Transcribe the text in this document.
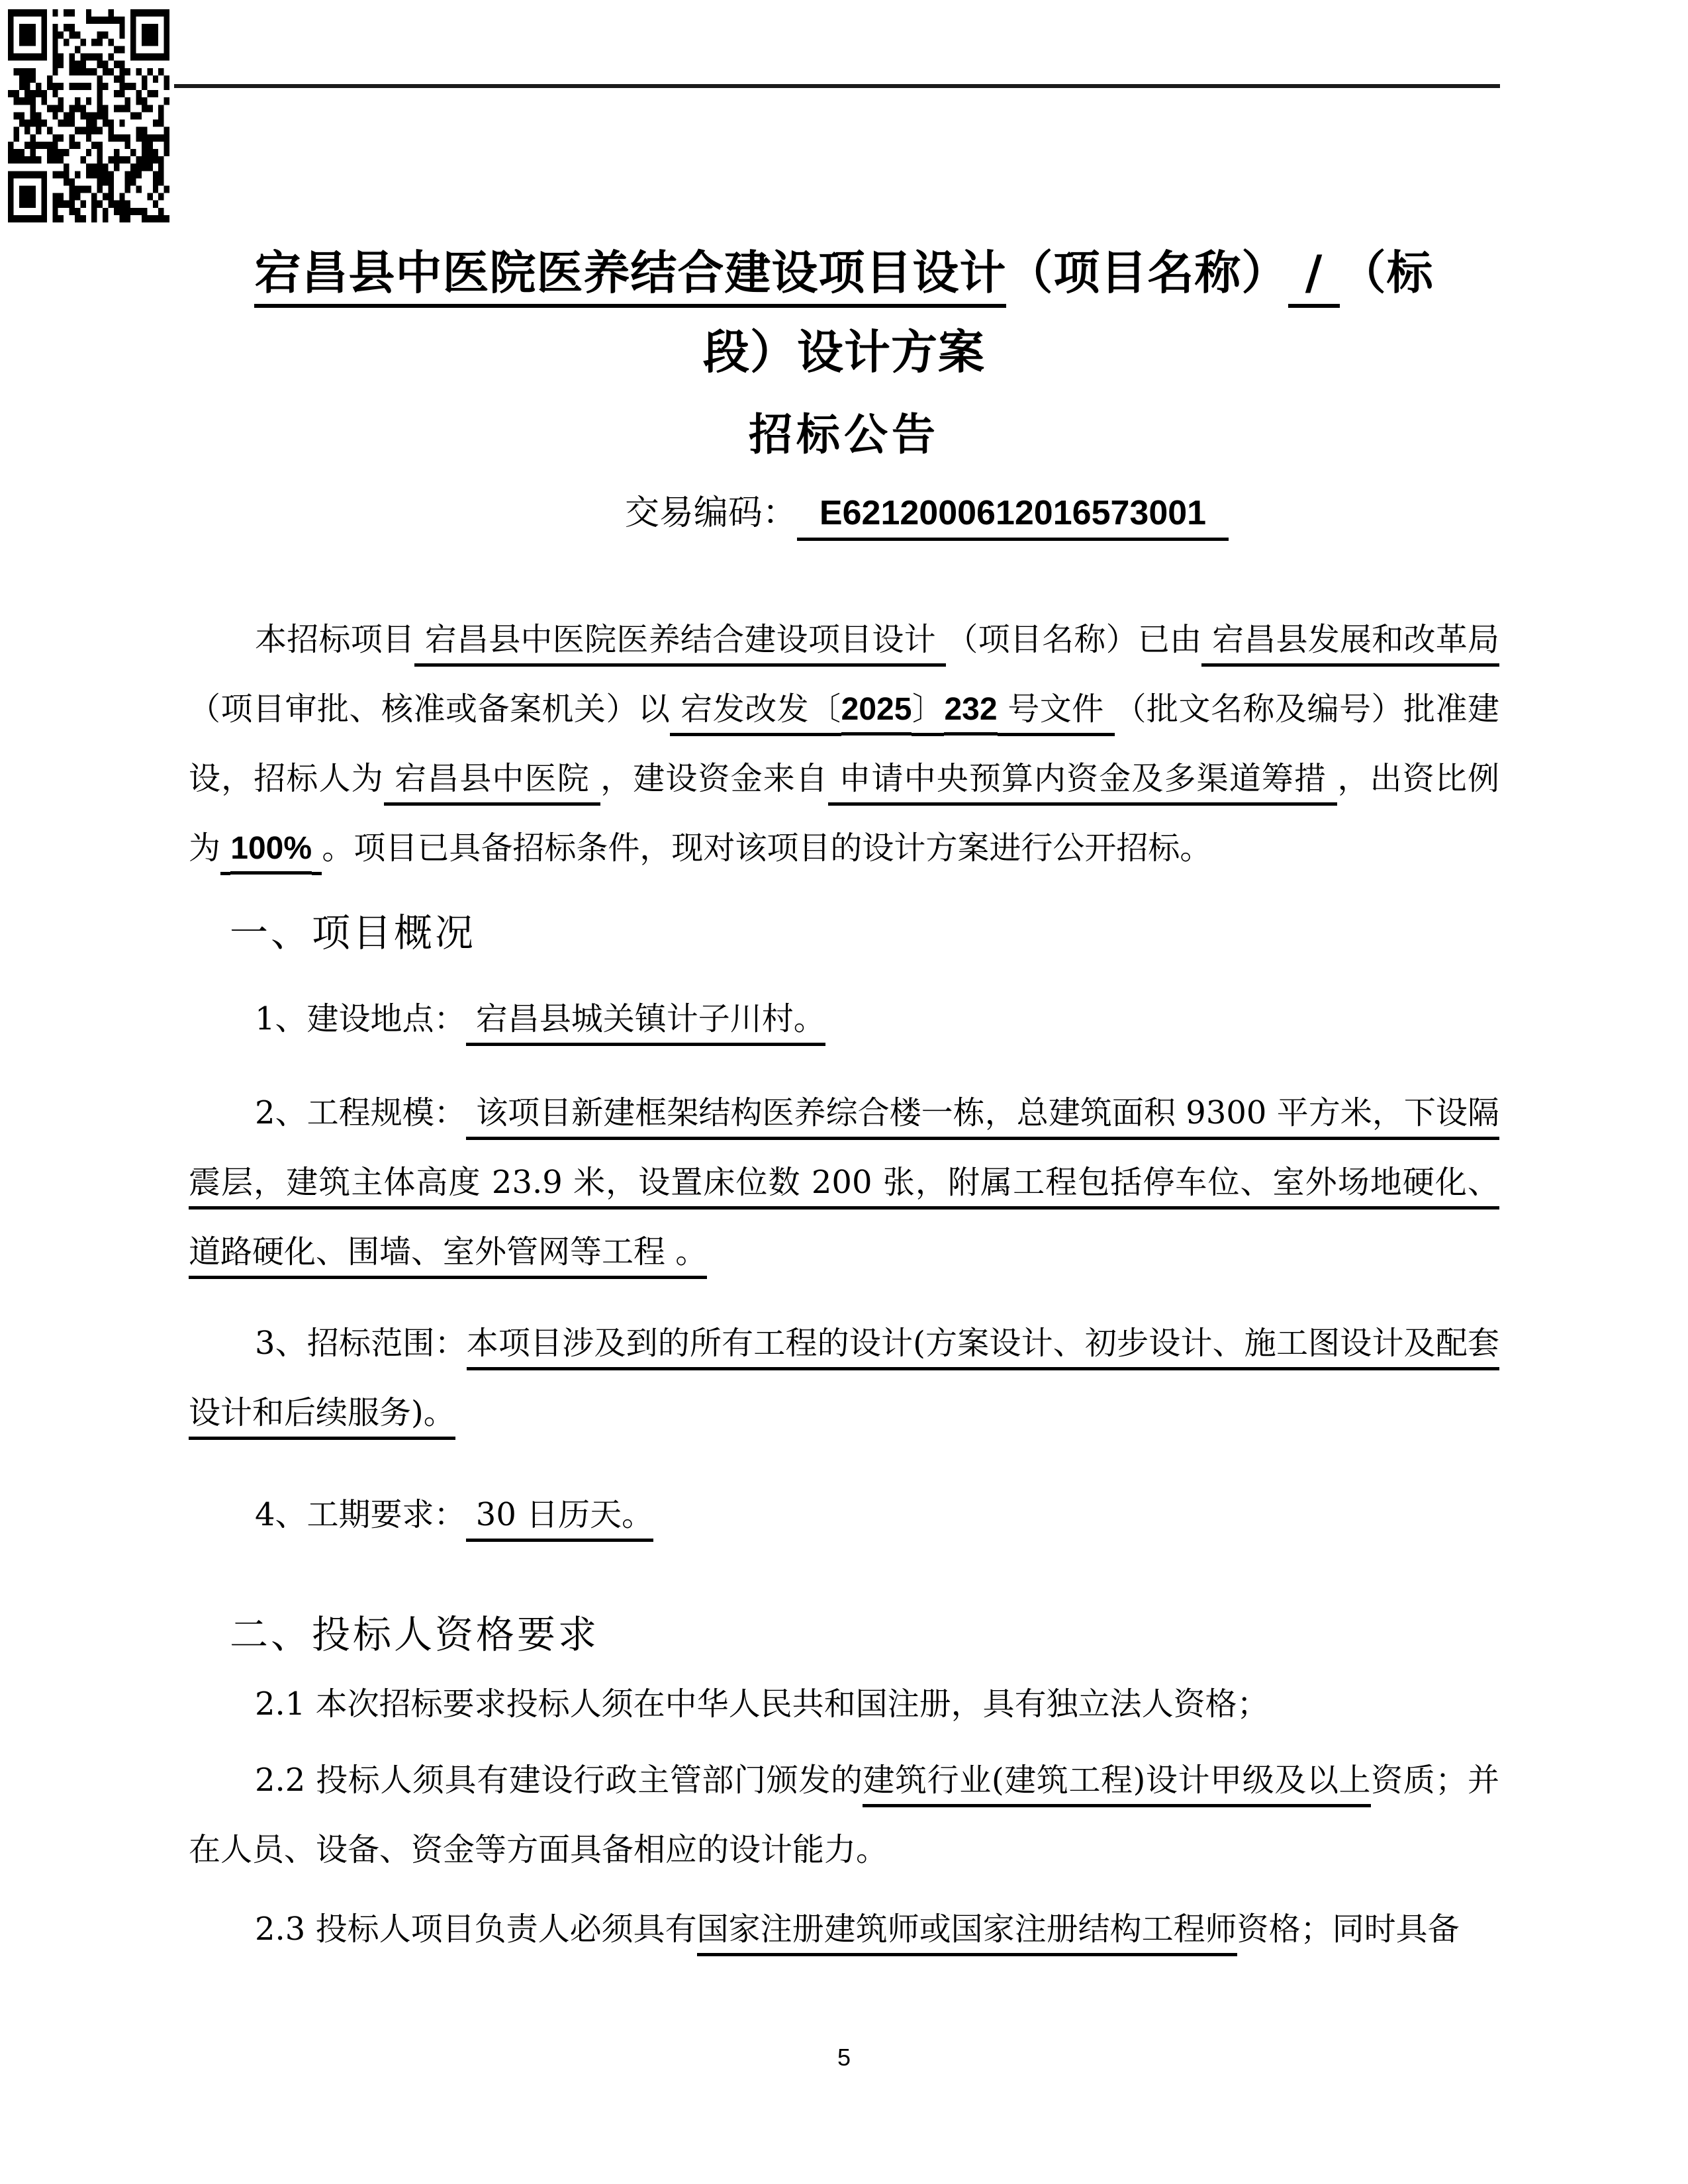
宕昌县中医院医养结合建设项目设计（项目名称） / （标
段）设计方案
招标公告
交易编码： E6212000612016573001

本招标项目 宕昌县中医院医养结合建设项目设计 （项目名称）已由 宕昌县发展和改革局 （项目审批、核准或备案机关）以 宕发改发〔2025〕232 号文件 （批文名称及编号）批准建设，招标人为 宕昌县中医院 ，建设资金来自 申请中央预算内资金及多渠道筹措 ，出资比例为 100% 。项目已具备招标条件，现对该项目的设计方案进行公开招标。

一、项目概况

1、建设地点： 宕昌县城关镇计子川村。

2、工程规模： 该项目新建框架结构医养综合楼一栋，总建筑面积 9300 平方米，下设隔震层，建筑主体高度 23.9 米，设置床位数 200 张，附属工程包括停车位、室外场地硬化、道路硬化、围墙、室外管网等工程 。

3、招标范围：本项目涉及到的所有工程的设计(方案设计、初步设计、施工图设计及配套设计和后续服务)。

4、工期要求： 30 日历天。

二、投标人资格要求

2.1 本次招标要求投标人须在中华人民共和国注册，具有独立法人资格；

2.2 投标人须具有建设行政主管部门颁发的建筑行业(建筑工程)设计甲级及以上资质；并在人员、设备、资金等方面具备相应的设计能力。

2.3 投标人项目负责人必须具有国家注册建筑师或国家注册结构工程师资格；同时具备

5
